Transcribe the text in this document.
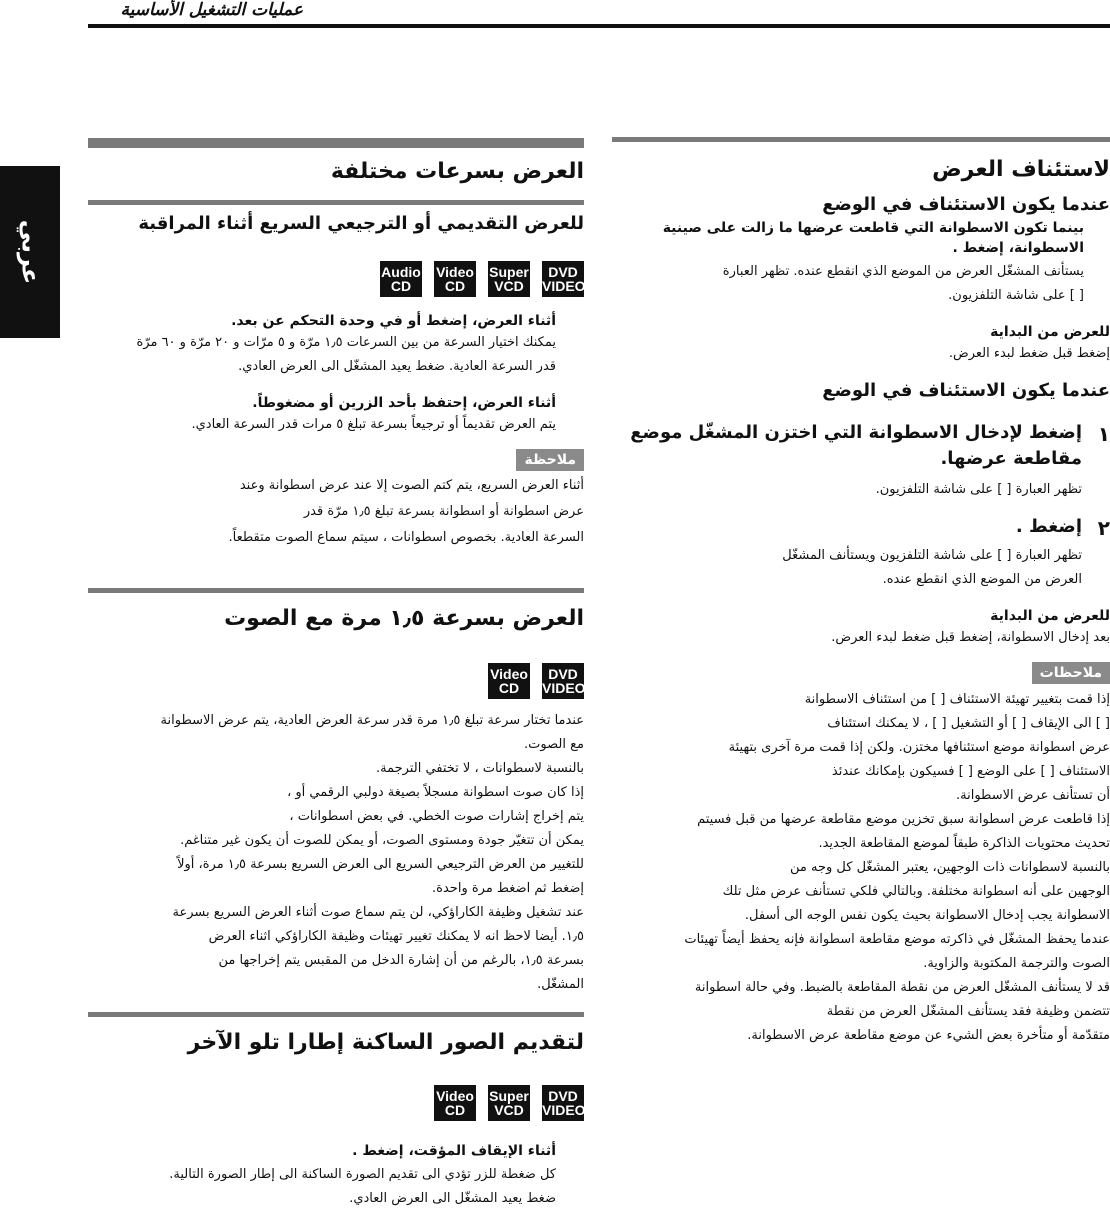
عمليات التشغيل الأساسية
عربي
العرض بسرعات مختلفة
للعرض التقديمي أو الترجيعي السريع أثناء المراقبة
DVD
VIDEO
Super
VCD
Video
CD
Audio
CD
أثناء العرض، إضغط أو في وحدة التحكم عن بعد.
يمكنك اختيار السرعة من بين السرعات ١٫٥ مرّة و ٥ مرّات و ٢٠ مرّة و ٦٠ مرّة
قدر السرعة العادية. ضغط يعيد المشغّل الى العرض العادي.
أثناء العرض، إحتفظ بأحد الزرين أو مضغوطاً.
يتم العرض تقديماً أو ترجيعاً بسرعة تبلغ ٥ مرات قدر السرعة العادي.
ملاحظة
أثناء العرض السريع، يتم كتم الصوت إلا عند عرض اسطوانة وعند
عرض اسطوانة أو اسطوانة بسرعة تبلغ ١٫٥ مرّة قدر
السرعة العادية. بخصوص اسطوانات ، سيتم سماع الصوت متقطعاً.
العرض بسرعة ١٫٥ مرة مع الصوت
DVD
VIDEO
Video
CD
عندما تختار سرعة تبلغ ١٫٥ مرة قدر سرعة العرض العادية، يتم عرض الاسطوانة
مع الصوت.
بالنسبة لاسطوانات ، لا تختفي الترجمة.
إذا كان صوت اسطوانة مسجلاً بصيغة دولبي الرقمي أو ،
يتم إخراج إشارات صوت الخطي. في بعض اسطوانات ،
يمكن أن تتغيّر جودة ومستوى الصوت، أو يمكن للصوت أن يكون غير متناغم.
للتغيير من العرض الترجيعي السريع الى العرض السريع بسرعة ١٫٥ مرة، أولاً
إضغط ثم اضغط مرة واحدة.
عند تشغيل وظيفة الكاراؤكي، لن يتم سماع صوت أثناء العرض السريع بسرعة
١٫٥. أيضا لاحظ انه لا يمكنك تغيير تهيئات وظيفة الكاراؤكي اثناء العرض
بسرعة ١٫٥، بالرغم من أن إشارة الدخل من المقبس يتم إخراجها من
المشغّل.
لتقديم الصور الساكنة إطارا تلو الآخر
DVD
VIDEO
Super
VCD
Video
CD
أثناء الإيقاف المؤقت، إضغط .
كل ضغطة للزر تؤدي الى تقديم الصورة الساكنة الى إطار الصورة التالية.
ضغط يعيد المشغّل الى العرض العادي.
لاستئناف العرض
عندما يكون الاستئناف في الوضع
بينما تكون الاسطوانة التي قاطعت عرضها ما زالت على صينية
الاسطوانة، إضغط .
يستأنف المشغّل العرض من الموضع الذي انقطع عنده. تظهر العبارة
[ ] على شاشة التلفزيون.
للعرض من البداية
إضغط قبل ضغط لبدء العرض.
عندما يكون الاستئناف في الوضع
١
إضغط لإدخال الاسطوانة التي اختزن المشغّل موضع
مقاطعة عرضها.
تظهر العبارة [ ] على شاشة التلفزيون.
٢
إضغط .
تظهر العبارة [ ] على شاشة التلفزيون ويستأنف المشغّل
العرض من الموضع الذي انقطع عنده.
للعرض من البداية
بعد إدخال الاسطوانة، إضغط قبل ضغط لبدء العرض.
ملاحظات
إذا قمت بتغيير تهيئة الاستئناف [ ] من استئناف الاسطوانة
[ ] الى الإيقاف [ ] أو التشغيل [ ] ، لا يمكنك استئناف
عرض اسطوانة موضع استئنافها مختزن. ولكن إذا قمت مرة آخرى بتهيئة
الاستئناف [ ] على الوضع [ ] فسيكون بإمكانك عندئذ
أن تستأنف عرض الاسطوانة.
إذا قاطعت عرض اسطوانة سبق تخزين موضع مقاطعة عرضها من قبل فسيتم
تحديث محتويات الذاكرة طبقاً لموضع المقاطعة الجديد.
بالنسبة لاسطوانات ذات الوجهين، يعتبر المشغّل كل وجه من
الوجهين على أنه اسطوانة مختلفة. وبالتالي فلكي تستأنف عرض مثل تلك
الاسطوانة يجب إدخال الاسطوانة بحيث يكون نفس الوجه الى أسفل.
عندما يحفظ المشغّل في ذاكرته موضع مقاطعة اسطوانة فإنه يحفظ أيضاً تهيئات
الصوت والترجمة المكتوبة والزاوية.
قد لا يستأنف المشغّل العرض من نقطة المقاطعة بالضبط. وفي حالة اسطوانة
تتضمن وظيفة فقد يستأنف المشغّل العرض من نقطة
متقدّمة أو متأخرة بعض الشيء عن موضع مقاطعة عرض الاسطوانة.
